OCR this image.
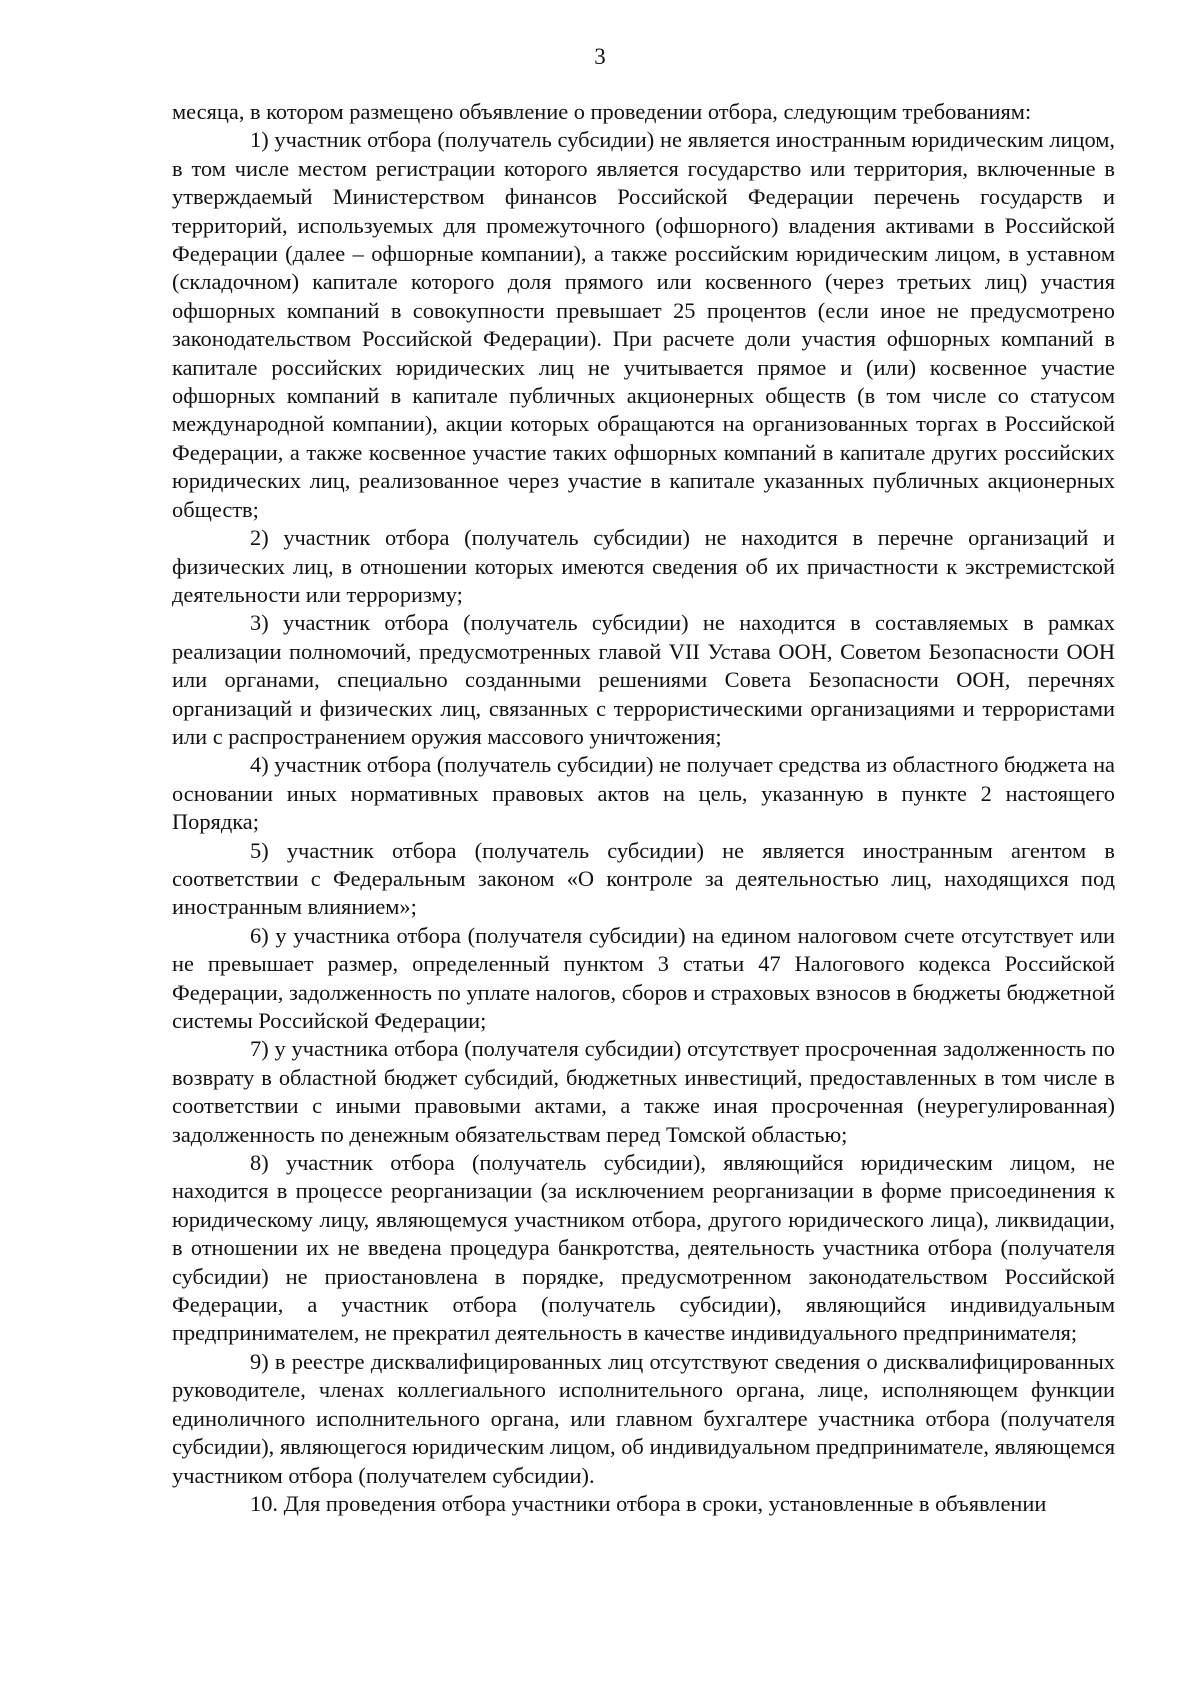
3

месяца, в котором размещено объявление о проведении отбора, следующим требованиям:

1) участник отбора (получатель субсидии) не является иностранным юридическим лицом, в том числе местом регистрации которого является государство или территория, включенные в утверждаемый Министерством финансов Российской Федерации перечень государств и территорий, используемых для промежуточного (офшорного) владения активами в Российской Федерации (далее – офшорные компании), а также российским юридическим лицом, в уставном (складочном) капитале которого доля прямого или косвенного (через третьих лиц) участия офшорных компаний в совокупности превышает 25 процентов (если иное не предусмотрено законодательством Российской Федерации). При расчете доли участия офшорных компаний в капитале российских юридических лиц не учитывается прямое и (или) косвенное участие офшорных компаний в капитале публичных акционерных обществ (в том числе со статусом международной компании), акции которых обращаются на организованных торгах в Российской Федерации, а также косвенное участие таких офшорных компаний в капитале других российских юридических лиц, реализованное через участие в капитале указанных публичных акционерных обществ;

2) участник отбора (получатель субсидии) не находится в перечне организаций и физических лиц, в отношении которых имеются сведения об их причастности к экстремистской деятельности или терроризму;

3) участник отбора (получатель субсидии) не находится в составляемых в рамках реализации полномочий, предусмотренных главой VII Устава ООН, Советом Безопасности ООН или органами, специально созданными решениями Совета Безопасности ООН, перечнях организаций и физических лиц, связанных с террористическими организациями и террористами или с распространением оружия массового уничтожения;

4) участник отбора (получатель субсидии) не получает средства из областного бюджета на основании иных нормативных правовых актов на цель, указанную в пункте 2 настоящего Порядка;

5) участник отбора (получатель субсидии) не является иностранным агентом в соответствии с Федеральным законом «О контроле за деятельностью лиц, находящихся под иностранным влиянием»;

6) у участника отбора (получателя субсидии) на едином налоговом счете отсутствует или не превышает размер, определенный пунктом 3 статьи 47 Налогового кодекса Российской Федерации, задолженность по уплате налогов, сборов и страховых взносов в бюджеты бюджетной системы Российской Федерации;

7) у участника отбора (получателя субсидии) отсутствует просроченная задолженность по возврату в областной бюджет субсидий, бюджетных инвестиций, предоставленных в том числе в соответствии с иными правовыми актами, а также иная просроченная (неурегулированная) задолженность по денежным обязательствам перед Томской областью;

8) участник отбора (получатель субсидии), являющийся юридическим лицом, не находится в процессе реорганизации (за исключением реорганизации в форме присоединения к юридическому лицу, являющемуся участником отбора, другого юридического лица), ликвидации, в отношении их не введена процедура банкротства, деятельность участника отбора (получателя субсидии) не приостановлена в порядке, предусмотренном законодательством Российской Федерации, а участник отбора (получатель субсидии), являющийся индивидуальным предпринимателем, не прекратил деятельность в качестве индивидуального предпринимателя;

9) в реестре дисквалифицированных лиц отсутствуют сведения о дисквалифицированных руководителе, членах коллегиального исполнительного органа, лице, исполняющем функции единоличного исполнительного органа, или главном бухгалтере участника отбора (получателя субсидии), являющегося юридическим лицом, об индивидуальном предпринимателе, являющемся участником отбора (получателем субсидии).

10. Для проведения отбора участники отбора в сроки, установленные в объявлении
